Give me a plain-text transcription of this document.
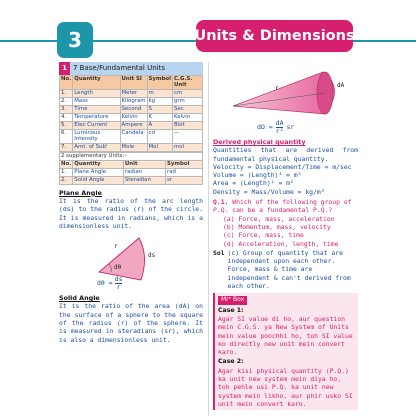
3	Units & Dimensions
1 7 Base/Fundamental Units
No.	Quantity	Unit SI	Symbol	C.G.S. Unit
1.	Length	Meter	m	cm
2.	Mass	Kilogram	kg	grm
3.	Time	Second	S	Sec
4.	Temperature	Kelvin	K	Kelvin
5.	Elec Current	Ampere	A	Biot
6.	Luminous Intensity	Candela	cd	—
7.	Amt. of Subᵗ	Mole	Mol	mol
2 supplementary Units:–			
No.	Quantity	Unit	Symbol
1.	Plane Angle	radian	rad
2.	Solid Angle	Steradian	sr
Plane Angle
It is the ratio of the arc length (ds) to the radius (r) of the circle. It is measured in radians, which is a dimensionless unit.
r
ds
dθ
$d\theta = \frac{ds}{r}$
Solid Angle
It is the ratio of the area (dA) on the surface of a sphere to the square of the radius (r) of the sphere. It is measured in steradians (sr), which is also a dimensionless unit.
r	dA
$d\Omega = \frac{dA}{\text{r²}}$ sr
Derived physical quantity
Quantities that are derived from fundamental physical quantity.
Velocity = Displacement/Time = m/sec
Volume = (Length)³ = m³
Area = (Length)² = m²
Density = Mass/Volume = kg/m³
Q.1. Which of the following group of P.Q. can be a fundamental P.Q.?
(a) Force, mass, acceleration
(b) Momentum, mass, velocity
(c) Force, mass, time
(d) Acceleration, length, time
Sol (c) Group of quantity that are independent upon each other. Force, mass & time are independent & can't derived from each other.
Mrᵉ Box
Case 1:
Agar SI value di ho, aur question mein C.G.S. ya New System of Units mein value poochhi ho, toh SI value ko directly new unit mein convert karo.
Case 2:
Agar kisi physical quantity (P.Q.) ka unit new system mein diya ho, toh pehle usi P.Q. ka unit new system mein likho, aur phir usko SI unit mein convert karo.
